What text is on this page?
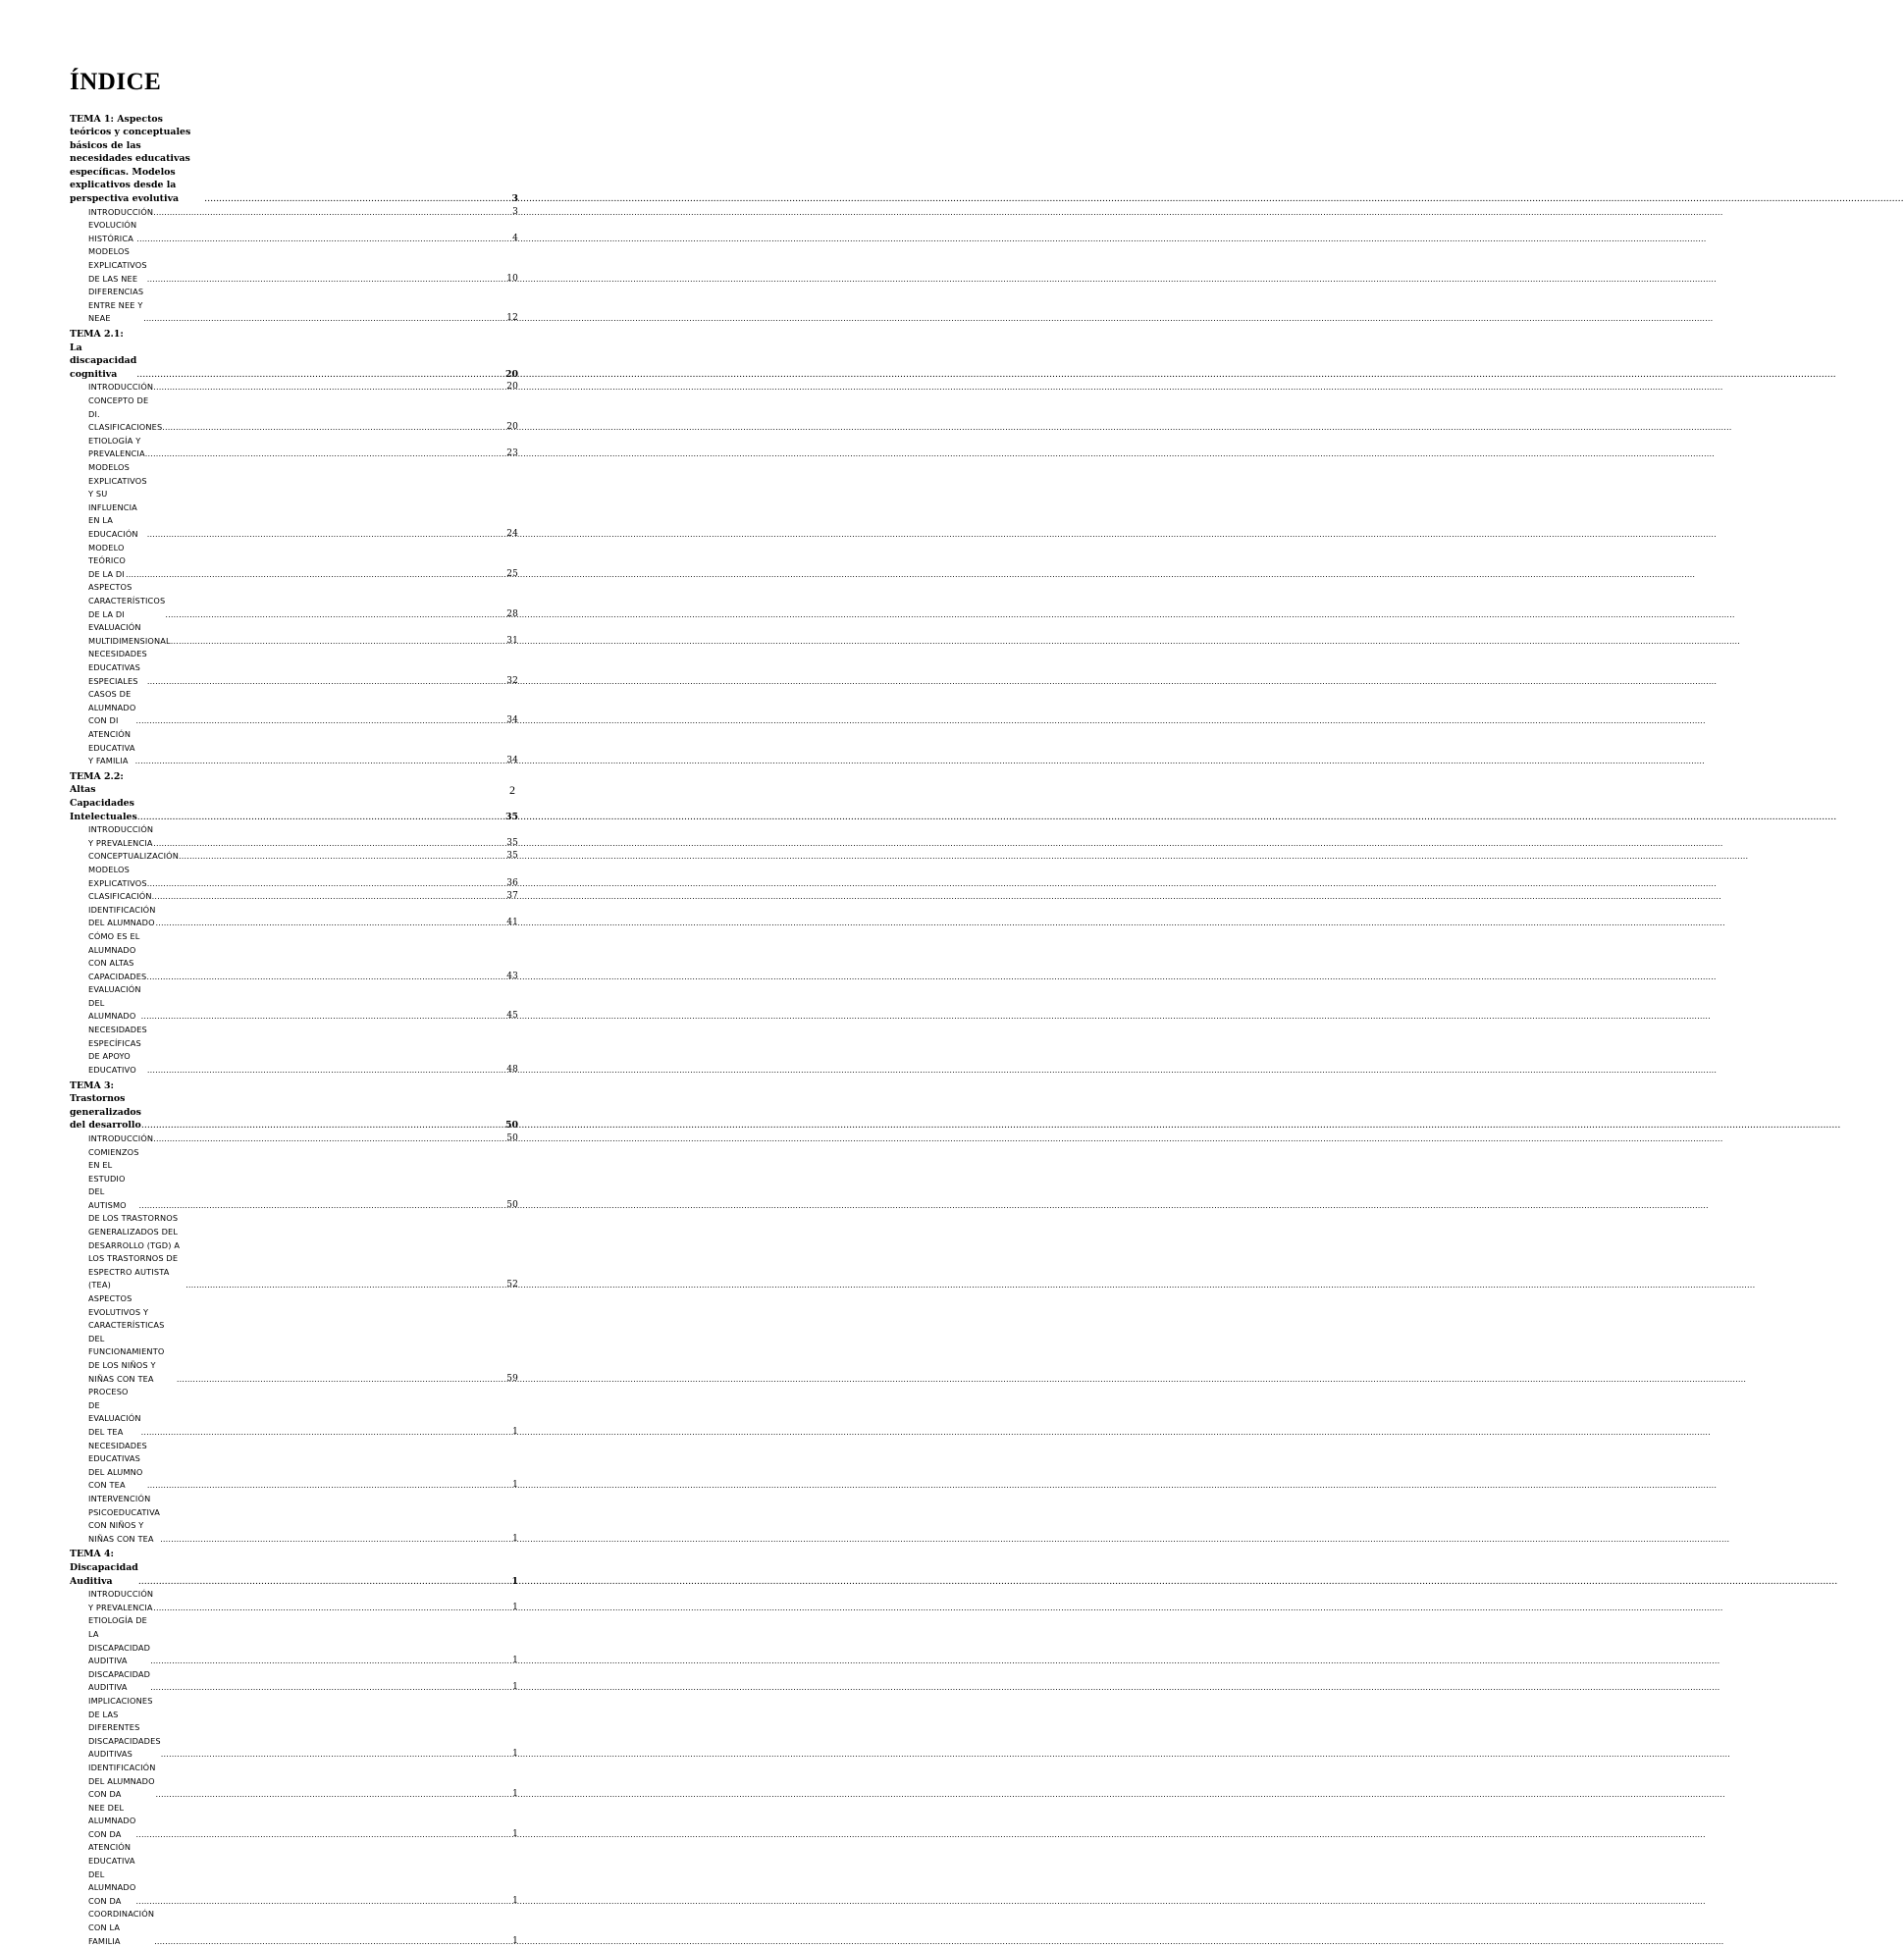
ÍNDICE
TEMA 1: Aspectos teóricos y conceptuales básicos de las necesidades educativas específicas. Modelos explicativos desde la perspectiva evolutiva .....	3
INTRODUCCIÓN .....	3
EVOLUCIÓN HISTÓRICA .....	4
MODELOS EXPLICATIVOS DE LAS NEE .....	10
DIFERENCIAS ENTRE NEE Y NEAE .....	12
TEMA 2.1: La discapacidad cognitiva .....	20
INTRODUCCIÓN .....	20
CONCEPTO DE DI. CLASIFICACIONES .....	20
ETIOLOGÍA Y PREVALENCIA .....	23
MODELOS EXPLICATIVOS Y SU INFLUENCIA EN LA EDUCACIÓN .....	24
MODELO TEÓRICO DE LA DI .....	25
ASPECTOS CARACTERÍSTICOS DE LA DI .....	28
EVALUACIÓN MULTIDIMENSIONAL .....	31
NECESIDADES EDUCATIVAS ESPECIALES .....	32
CASOS DE ALUMNADO CON DI .....	34
ATENCIÓN EDUCATIVA Y FAMILIA .....	34
TEMA 2.2: Altas Capacidades Intelectuales .....	35
INTRODUCCIÓN Y PREVALENCIA .....	35
CONCEPTUALIZACIÓN .....	35
MODELOS EXPLICATIVOS .....	36
CLASIFICACIÓN .....	37
IDENTIFICACIÓN DEL ALUMNADO .....	41
CÓMO ES EL ALUMNADO CON ALTAS CAPACIDADES .....	43
EVALUACIÓN DEL ALUMNADO .....	45
NECESIDADES ESPECÍFICAS DE APOYO EDUCATIVO .....	48
TEMA 3: Trastornos generalizados del desarrollo .....	50
INTRODUCCIÓN .....	50
COMIENZOS EN EL ESTUDIO DEL AUTISMO .....	50
DE LOS TRASTORNOS GENERALIZADOS DEL DESARROLLO (TGD) A LOS TRASTORNOS DE ESPECTRO AUTISTA (TEA) .....	52
ASPECTOS EVOLUTIVOS Y CARACTERÍSTICAS DEL FUNCIONAMIENTO DE LOS NIÑOS Y NIÑAS CON TEA .....	59
PROCESO DE EVALUACIÓN DEL TEA .....	1
NECESIDADES EDUCATIVAS DEL ALUMNO CON TEA .....	1
INTERVENCIÓN PSICOEDUCATIVA CON NIÑOS Y NIÑAS CON TEA .....	1
TEMA 4: Discapacidad Auditiva .....	1
INTRODUCCIÓN Y PREVALENCIA .....	1
ETIOLOGÍA DE LA DISCAPACIDAD AUDITIVA .....	1
DISCAPACIDAD AUDITIVA .....	1
IMPLICACIONES DE LAS DIFERENTES DISCAPACIDADES AUDITIVAS .....	1
IDENTIFICACIÓN DEL ALUMNADO CON DA .....	1
NEE DEL ALUMNADO CON DA .....	1
ATENCIÓN EDUCATIVA DEL ALUMNADO CON DA .....	1
COORDINACIÓN CON LA FAMILIA .....	1
2
